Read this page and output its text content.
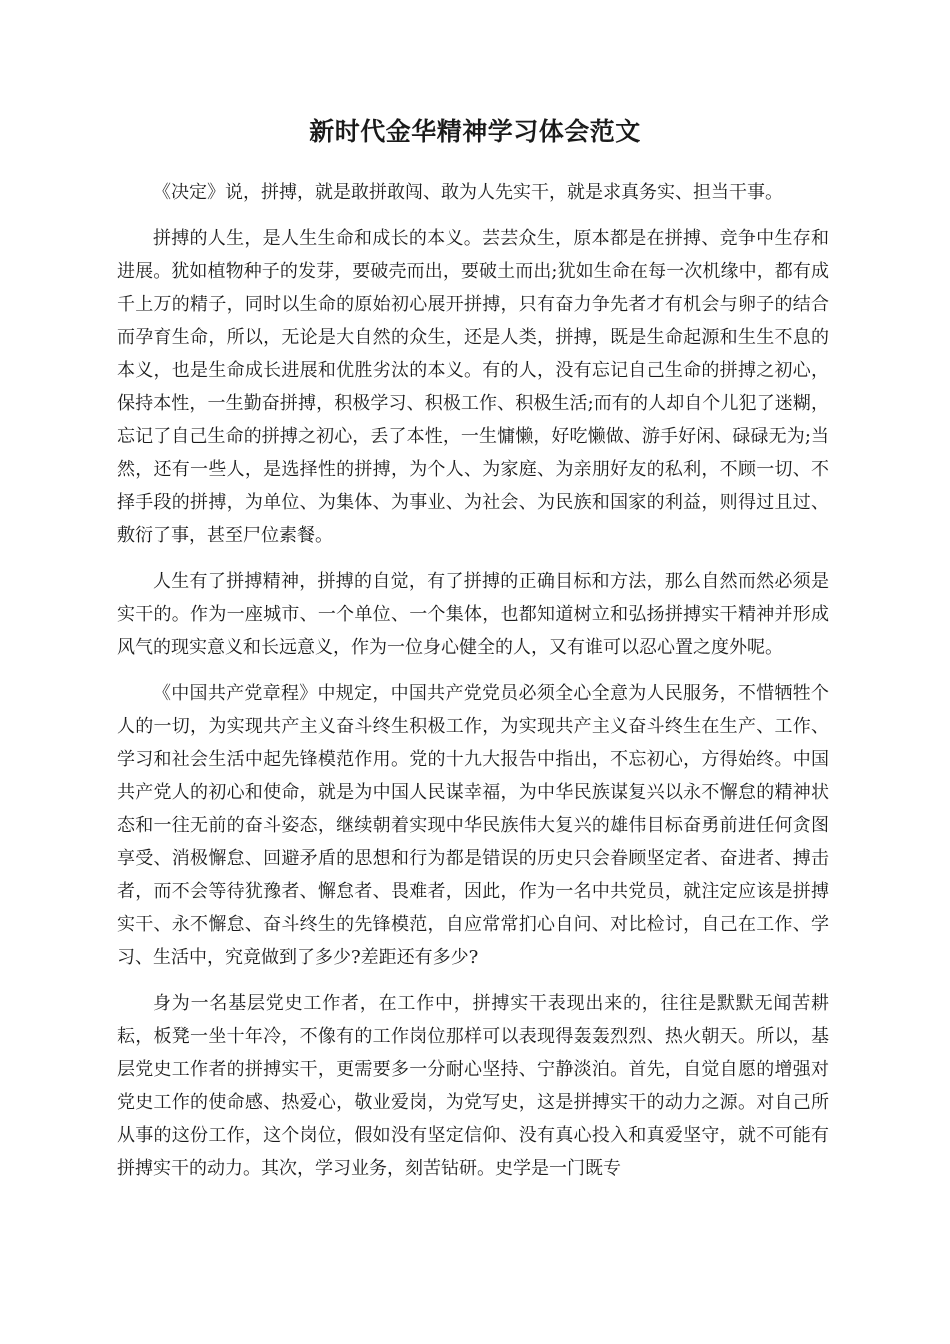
新时代金华精神学习体会范文

《决定》说，拼搏，就是敢拼敢闯、敢为人先实干，就是求真务实、担当干事。

拼搏的人生，是人生生命和成长的本义。芸芸众生，原本都是在拼搏、竞争中生存和进展。犹如植物种子的发芽，要破壳而出，要破土而出;犹如生命在每一次机缘中，都有成千上万的精子，同时以生命的原始初心展开拼搏，只有奋力争先者才有机会与卵子的结合而孕育生命，所以，无论是大自然的众生，还是人类，拼搏，既是生命起源和生生不息的本义，也是生命成长进展和优胜劣汰的本义。有的人，没有忘记自己生命的拼搏之初心，保持本性，一生勤奋拼搏，积极学习、积极工作、积极生活;而有的人却自个儿犯了迷糊，忘记了自己生命的拼搏之初心，丢了本性，一生慵懒，好吃懒做、游手好闲、碌碌无为;当然，还有一些人，是选择性的拼搏，为个人、为家庭、为亲朋好友的私利，不顾一切、不择手段的拼搏，为单位、为集体、为事业、为社会、为民族和国家的利益，则得过且过、敷衍了事，甚至尸位素餐。

人生有了拼搏精神，拼搏的自觉，有了拼搏的正确目标和方法，那么自然而然必须是实干的。作为一座城市、一个单位、一个集体，也都知道树立和弘扬拼搏实干精神并形成风气的现实意义和长远意义，作为一位身心健全的人，又有谁可以忍心置之度外呢。

《中国共产党章程》中规定，中国共产党党员必须全心全意为人民服务，不惜牺牲个人的一切，为实现共产主义奋斗终生积极工作，为实现共产主义奋斗终生在生产、工作、学习和社会生活中起先锋模范作用。党的十九大报告中指出，不忘初心，方得始终。中国共产党人的初心和使命，就是为中国人民谋幸福，为中华民族谋复兴以永不懈怠的精神状态和一往无前的奋斗姿态，继续朝着实现中华民族伟大复兴的雄伟目标奋勇前进任何贪图享受、消极懈怠、回避矛盾的思想和行为都是错误的历史只会眷顾坚定者、奋进者、搏击者，而不会等待犹豫者、懈怠者、畏难者，因此，作为一名中共党员，就注定应该是拼搏实干、永不懈怠、奋斗终生的先锋模范，自应常常扪心自问、对比检讨，自己在工作、学习、生活中，究竟做到了多少?差距还有多少?

身为一名基层党史工作者，在工作中，拼搏实干表现出来的，往往是默默无闻苦耕耘，板凳一坐十年冷，不像有的工作岗位那样可以表现得轰轰烈烈、热火朝天。所以，基层党史工作者的拼搏实干，更需要多一分耐心坚持、宁静淡泊。首先，自觉自愿的增强对党史工作的使命感、热爱心，敬业爱岗，为党写史，这是拼搏实干的动力之源。对自己所从事的这份工作，这个岗位，假如没有坚定信仰、没有真心投入和真爱坚守，就不可能有拼搏实干的动力。其次，学习业务，刻苦钻研。史学是一门既专
